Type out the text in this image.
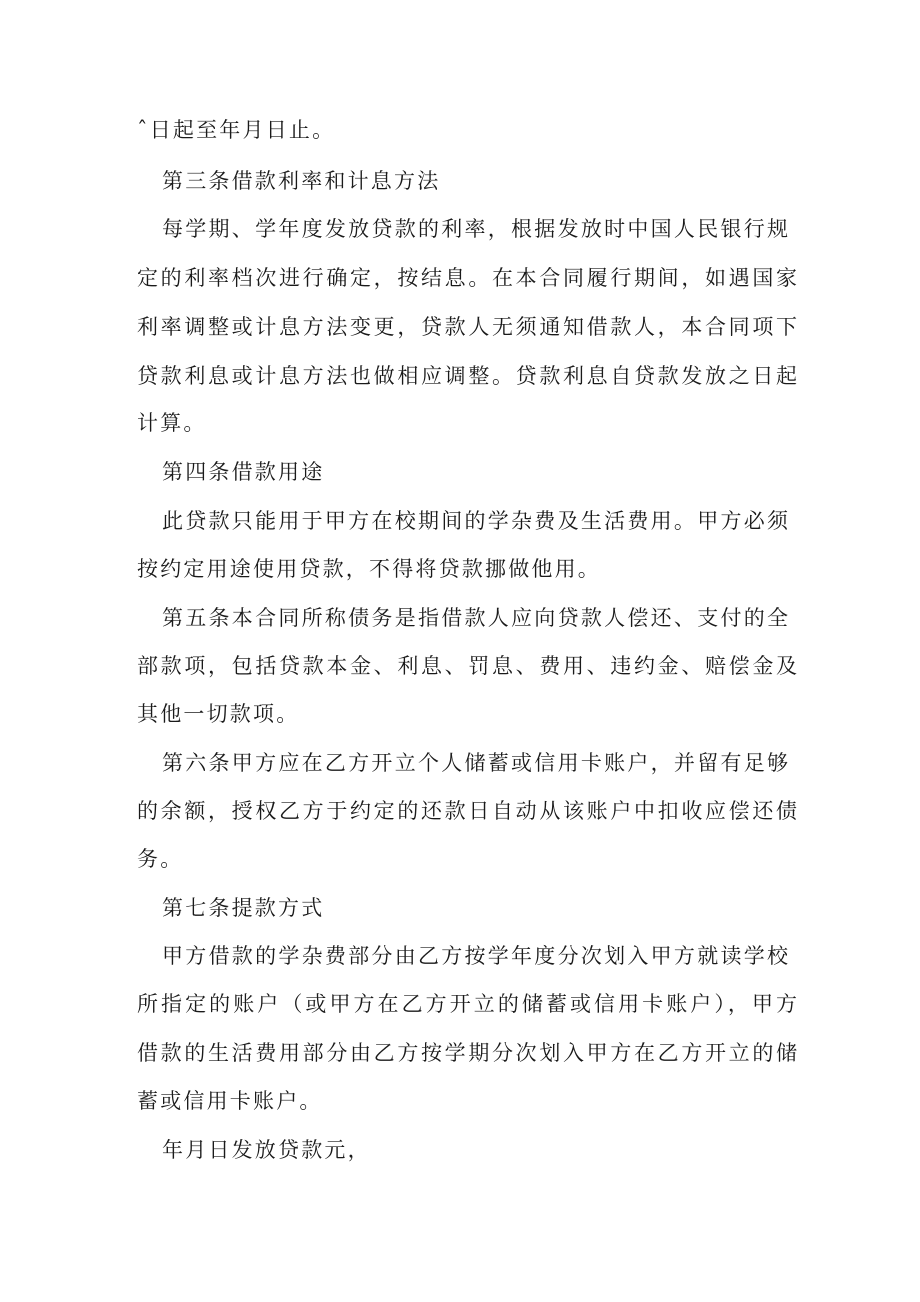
ˆ日起至年月日止。
第三条借款利率和计息方法
每学期、学年度发放贷款的利率，根据发放时中国人民银行规
定的利率档次进行确定，按结息。在本合同履行期间，如遇国家
利率调整或计息方法变更，贷款人无须通知借款人，本合同项下
贷款利息或计息方法也做相应调整。贷款利息自贷款发放之日起
计算。
第四条借款用途
此贷款只能用于甲方在校期间的学杂费及生活费用。甲方必须
按约定用途使用贷款，不得将贷款挪做他用。
第五条本合同所称债务是指借款人应向贷款人偿还、支付的全
部款项，包括贷款本金、利息、罚息、费用、违约金、赔偿金及
其他一切款项。
第六条甲方应在乙方开立个人储蓄或信用卡账户，并留有足够
的余额，授权乙方于约定的还款日自动从该账户中扣收应偿还债
务。
第七条提款方式
甲方借款的学杂费部分由乙方按学年度分次划入甲方就读学校
所指定的账户（或甲方在乙方开立的储蓄或信用卡账户），甲方
借款的生活费用部分由乙方按学期分次划入甲方在乙方开立的储
蓄或信用卡账户。
年月日发放贷款元，
